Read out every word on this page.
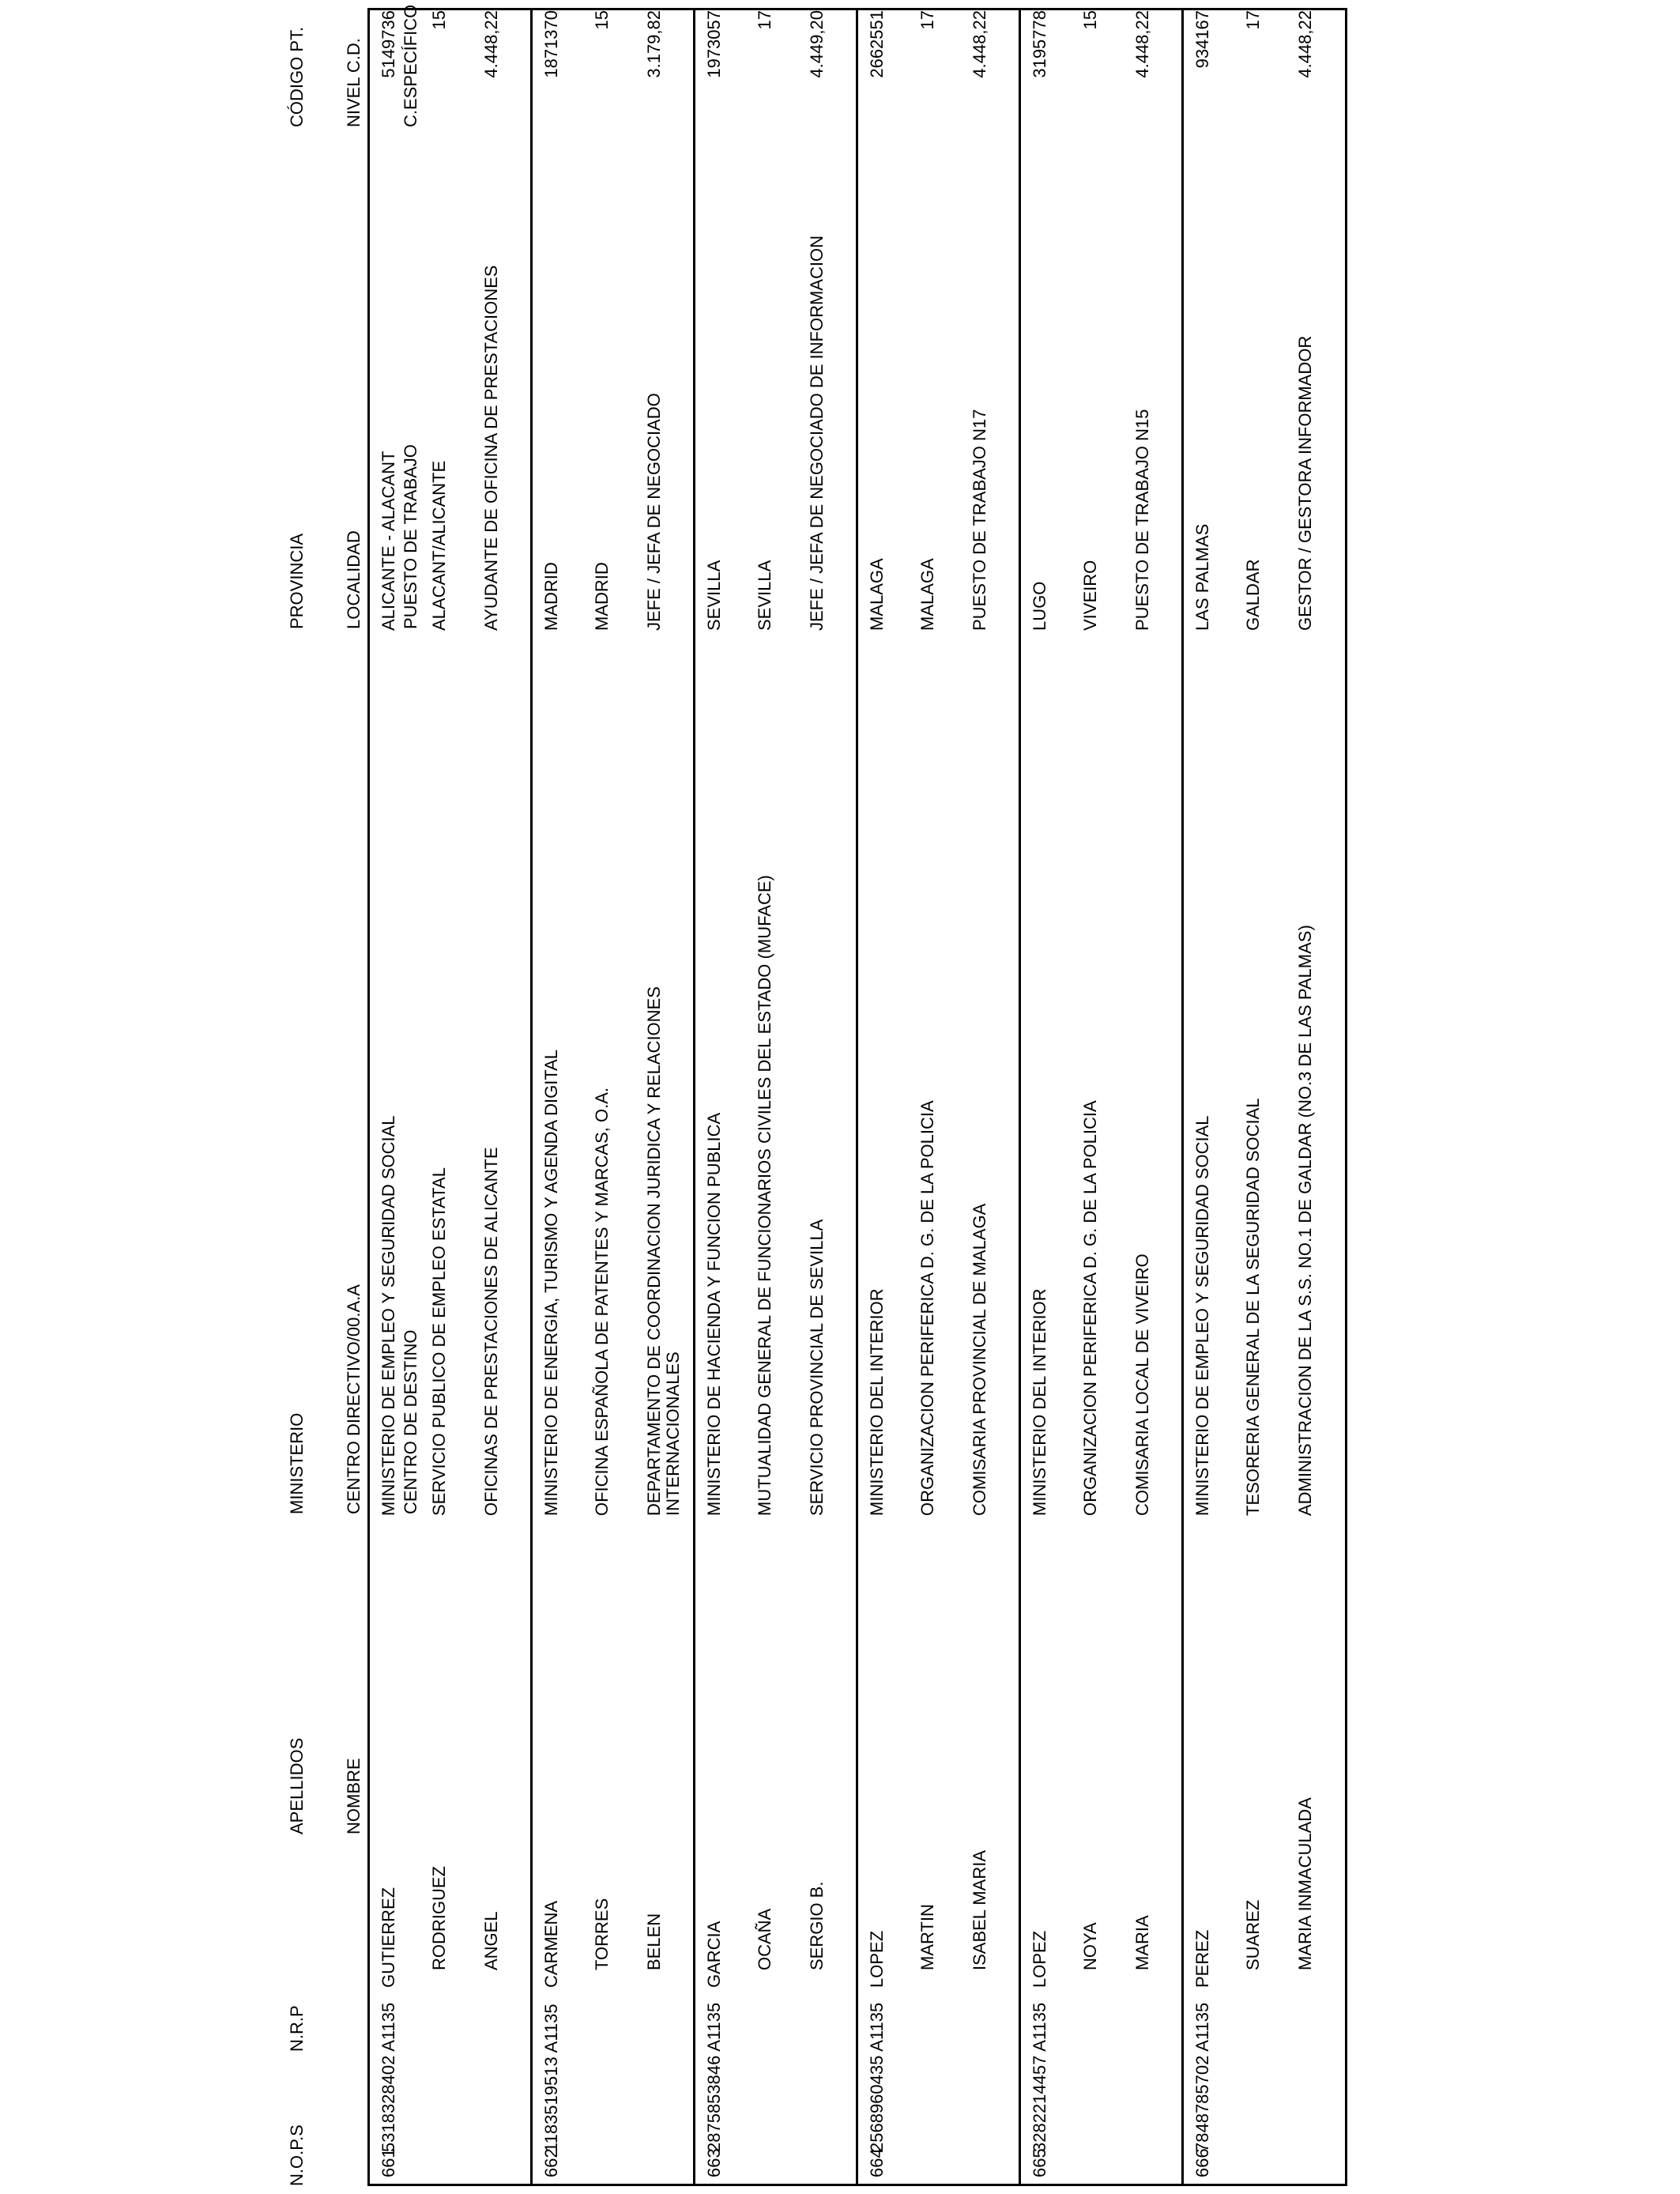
N.O.P.S

N.R.P

APELLIDOS

NOMBRE

MINISTERIO

CENTRO DIRECTIVO/00.A.A

CENTRO DE DESTINO

PROVINCIA

LOCALIDAD

PUESTO DE TRABAJO

CÓDIGO PT.

NIVEL C.D.

C.ESPECÍFICO

661
5318328402 A1135
GUTIERREZ RODRIGUEZ ANGEL
MINISTERIO DE EMPLEO Y SEGURIDAD SOCIAL SERVICIO PUBLICO DE EMPLEO ESTATAL OFICINAS DE PRESTACIONES DE ALICANTE
ALICANTE - ALACANT ALACANT/ALICANTE AYUDANTE DE OFICINA DE PRESTACIONES
5149736 15 4.448,22
662
1183519513 A1135
CARMENA TORRES BELEN
MINISTERIO DE ENERGIA, TURISMO Y AGENDA DIGITAL OFICINA ESPAÑOLA DE PATENTES Y MARCAS, O.A. DEPARTAMENTO DE COORDINACION JURIDICA Y RELACIONES INTERNACIONALES
MADRID MADRID JEFE / JEFA DE NEGOCIADO
1871370 15 3.179,82
663
2875853846 A1135
GARCIA OCAÑA SERGIO B.
MINISTERIO DE HACIENDA Y FUNCION PUBLICA MUTUALIDAD GENERAL DE FUNCIONARIOS CIVILES DEL ESTADO (MUFACE) SERVICIO PROVINCIAL DE SEVILLA
SEVILLA SEVILLA JEFE / JEFA DE NEGOCIADO DE INFORMACION
1973057 17 4.449,20
664
2568960435 A1135
LOPEZ MARTIN ISABEL MARIA
MINISTERIO DEL INTERIOR ORGANIZACION PERIFERICA D. G. DE LA POLICIA COMISARIA PROVINCIAL DE MALAGA
MALAGA MALAGA PUESTO DE TRABAJO N17
2662551 17 4.448,22
665
3282214457 A1135
LOPEZ NOYA MARIA
MINISTERIO DEL INTERIOR ORGANIZACION PERIFERICA D. G. DE LA POLICIA COMISARIA LOCAL DE VIVEIRO
LUGO VIVEIRO PUESTO DE TRABAJO N15
3195778 15 4.448,22
666
7848785702 A1135
PEREZ SUAREZ MARIA INMACULADA
MINISTERIO DE EMPLEO Y SEGURIDAD SOCIAL TESORERIA GENERAL DE LA SEGURIDAD SOCIAL ADMINISTRACION DE LA S.S. NO.1 DE GALDAR (NO.3 DE LAS PALMAS)
LAS PALMAS GALDAR GESTOR / GESTORA INFORMADOR
934167 17 4.448,22
